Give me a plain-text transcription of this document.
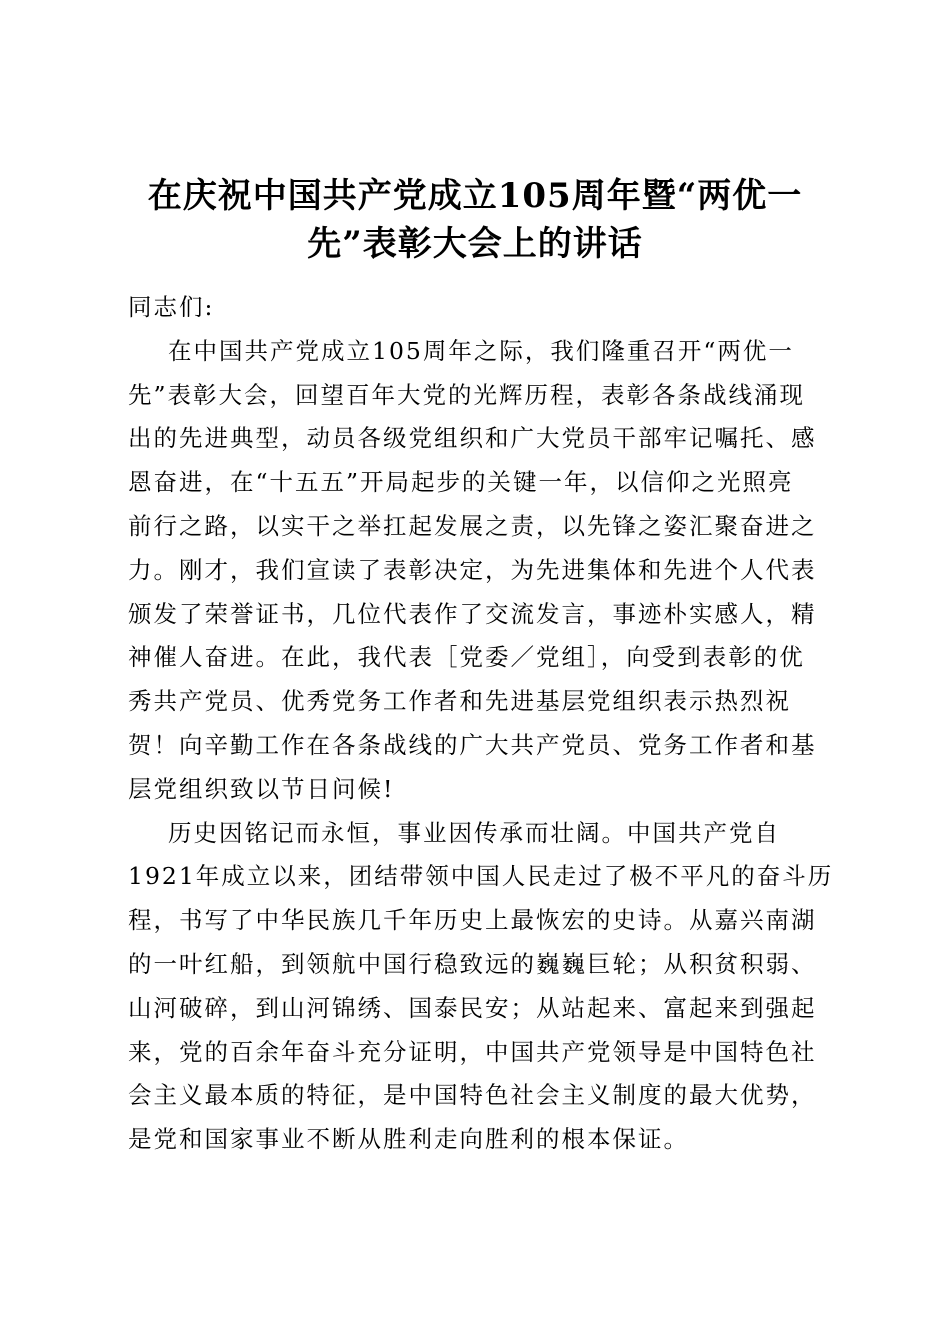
在庆祝中国共产党成立105周年暨“两优一
先”表彰大会上的讲话
同志们:
在中国共产党成立105周年之际，我们隆重召开“两优一
先”表彰大会，回望百年大党的光辉历程，表彰各条战线涌现
出的先进典型，动员各级党组织和广大党员干部牢记嘱托、感
恩奋进，在“十五五”开局起步的关键一年，以信仰之光照亮
前行之路，以实干之举扛起发展之责，以先锋之姿汇聚奋进之
力。刚才，我们宣读了表彰决定，为先进集体和先进个人代表
颁发了荣誉证书，几位代表作了交流发言，事迹朴实感人，精
神催人奋进。在此，我代表［党委／党组］，向受到表彰的优
秀共产党员、优秀党务工作者和先进基层党组织表示热烈祝
贺！向辛勤工作在各条战线的广大共产党员、党务工作者和基
层党组织致以节日问候!
历史因铭记而永恒，事业因传承而壮阔。中国共产党自
1921年成立以来，团结带领中国人民走过了极不平凡的奋斗历
程，书写了中华民族几千年历史上最恢宏的史诗。从嘉兴南湖
的一叶红船，到领航中国行稳致远的巍巍巨轮；从积贫积弱、
山河破碎，到山河锦绣、国泰民安；从站起来、富起来到强起
来，党的百余年奋斗充分证明，中国共产党领导是中国特色社
会主义最本质的特征，是中国特色社会主义制度的最大优势，
是党和国家事业不断从胜利走向胜利的根本保证。
